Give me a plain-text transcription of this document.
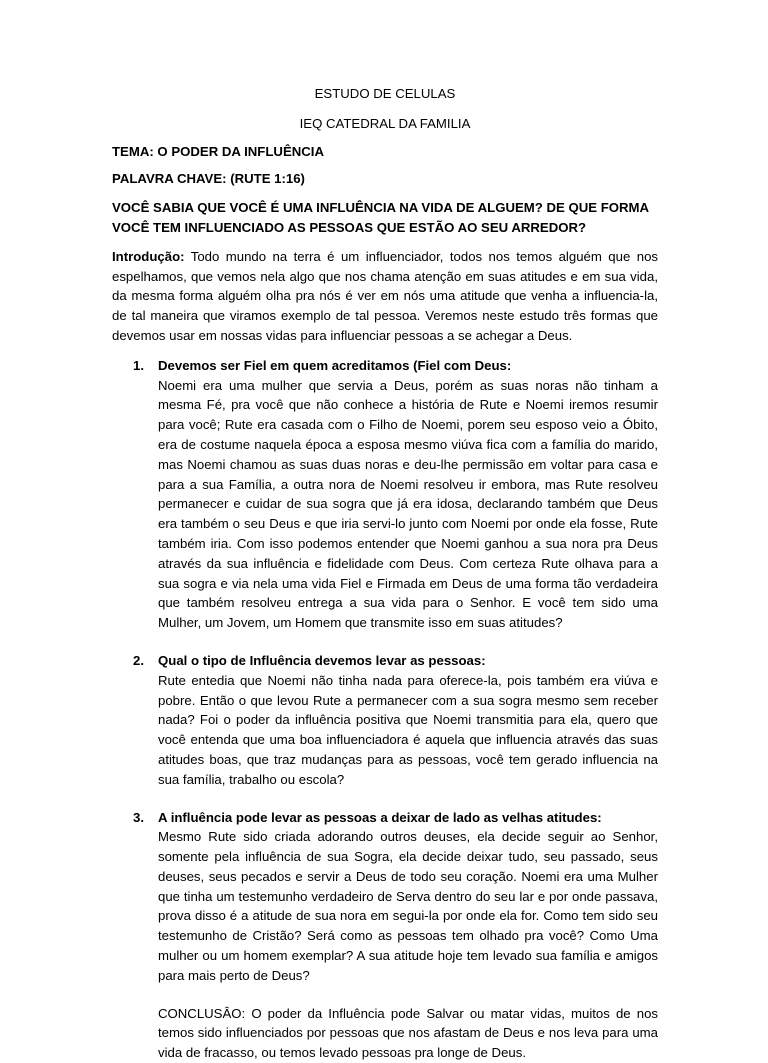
ESTUDO DE CELULAS

IEQ CATEDRAL DA FAMILIA

TEMA: O PODER DA INFLUÊNCIA

PALAVRA CHAVE: (RUTE 1:16)

VOCÊ SABIA QUE VOCÊ É UMA INFLUÊNCIA NA VIDA DE ALGUEM? DE QUE FORMA VOCÊ TEM INFLUENCIADO AS PESSOAS QUE ESTÃO AO SEU ARREDOR?

Introdução: Todo mundo na terra é um influenciador, todos nos temos alguém que nos espelhamos, que vemos nela algo que nos chama atenção em suas atitudes e em sua vida, da mesma forma alguém olha pra nós é ver em nós uma atitude que venha a influencia-la, de tal maneira que viramos exemplo de tal pessoa. Veremos neste estudo três formas que devemos usar em nossas vidas para influenciar pessoas a se achegar a Deus.

1. Devemos ser Fiel em quem acreditamos (Fiel com Deus:
Noemi era uma mulher que servia a Deus, porém as suas noras não tinham a mesma Fé, pra você que não conhece a história de Rute e Noemi iremos resumir para você; Rute era casada com o Filho de Noemi, porem seu esposo veio a Óbito, era de costume naquela época a esposa mesmo viúva fica com a família do marido, mas Noemi chamou as suas duas noras e deu-lhe permissão em voltar para casa e para a sua Família, a outra nora de Noemi resolveu ir embora, mas Rute resolveu permanecer e cuidar de sua sogra que já era idosa, declarando também que Deus era também o seu Deus e que iria servi-lo junto com Noemi por onde ela fosse, Rute também iria. Com isso podemos entender que Noemi ganhou a sua nora pra Deus através da sua influência e fidelidade com Deus. Com certeza Rute olhava para a sua sogra e via nela uma vida Fiel e Firmada em Deus de uma forma tão verdadeira que também resolveu entrega a sua vida para o Senhor. E você tem sido uma Mulher, um Jovem, um Homem que transmite isso em suas atitudes?
2. Qual o tipo de Influência devemos levar as pessoas:
Rute entedia que Noemi não tinha nada para oferece-la, pois também era viúva e pobre. Então o que levou Rute a permanecer com a sua sogra mesmo sem receber nada? Foi o poder da influência positiva que Noemi transmitia para ela, quero que você entenda que uma boa influenciadora é aquela que influencia através das suas atitudes boas, que traz mudanças para as pessoas, você tem gerado influencia na sua família, trabalho ou escola?
3. A influência pode levar as pessoas a deixar de lado as velhas atitudes:
Mesmo Rute sido criada adorando outros deuses, ela decide seguir ao Senhor, somente pela influência de sua Sogra, ela decide deixar tudo, seu passado, seus deuses, seus pecados e servir a Deus de todo seu coração. Noemi era uma Mulher que tinha um testemunho verdadeiro de Serva dentro do seu lar e por onde passava, prova disso é a atitude de sua nora em segui-la por onde ela for. Como tem sido seu testemunho de Cristão? Será como as pessoas tem olhado pra você? Como Uma mulher ou um homem exemplar? A sua atitude hoje tem levado sua família e amigos para mais perto de Deus?

CONCLUSÂO: O poder da Influência pode Salvar ou matar vidas, muitos de nos temos sido influenciados por pessoas que nos afastam de Deus e nos leva para uma vida de fracasso, ou temos levado pessoas pra longe de Deus.
